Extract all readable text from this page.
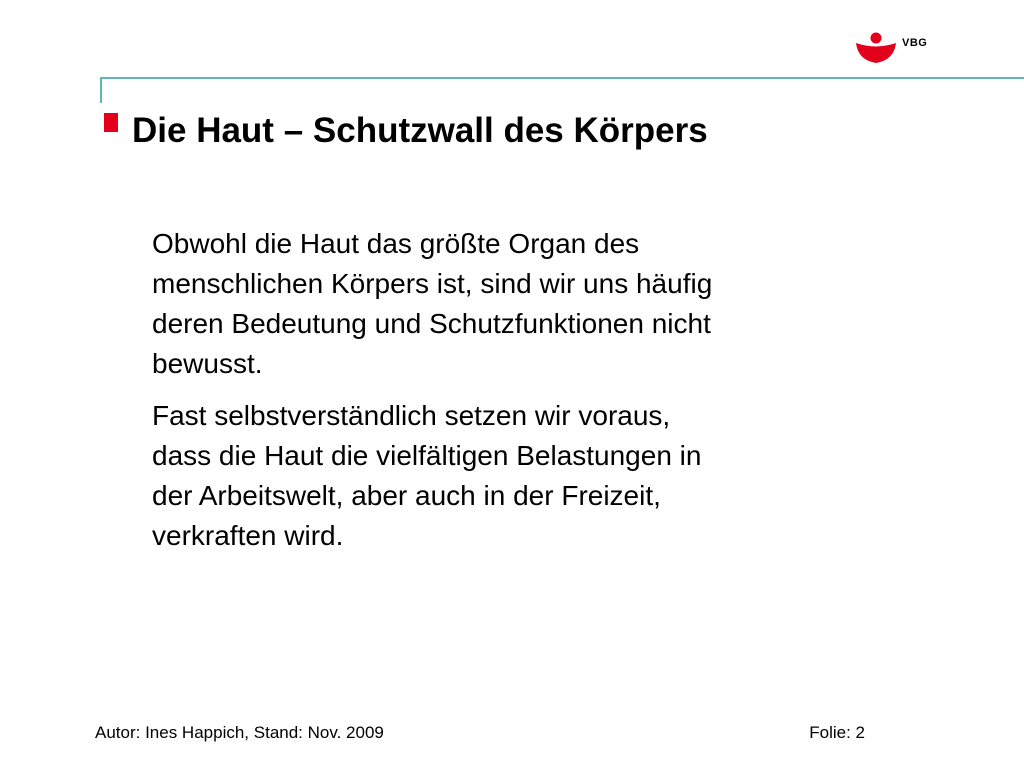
VBG
Die Haut – Schutzwall des Körpers

Obwohl die Haut das größte Organ des
menschlichen Körpers ist, sind wir uns häufig
deren Bedeutung und Schutzfunktionen nicht
bewusst.

Fast selbstverständlich setzen wir voraus,
dass die Haut die vielfältigen Belastungen in
der Arbeitswelt, aber auch in der Freizeit,
verkraften wird.

Autor: Ines Happich, Stand: Nov. 2009	Folie: 2
